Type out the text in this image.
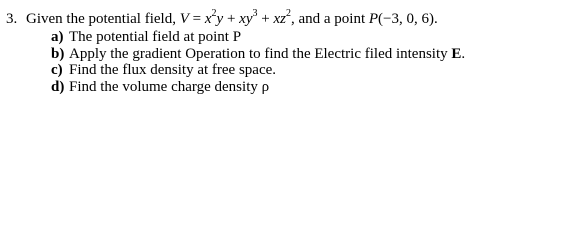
3. Given the potential field, $V = x^2y + xy^3 + xz^2$, and a point P(−3, 0, 6).
a) The potential field at point P
b) Apply the gradient Operation to find the Electric filed intensity E.
c) Find the flux density at free space.
d) Find the volume charge density ρ
